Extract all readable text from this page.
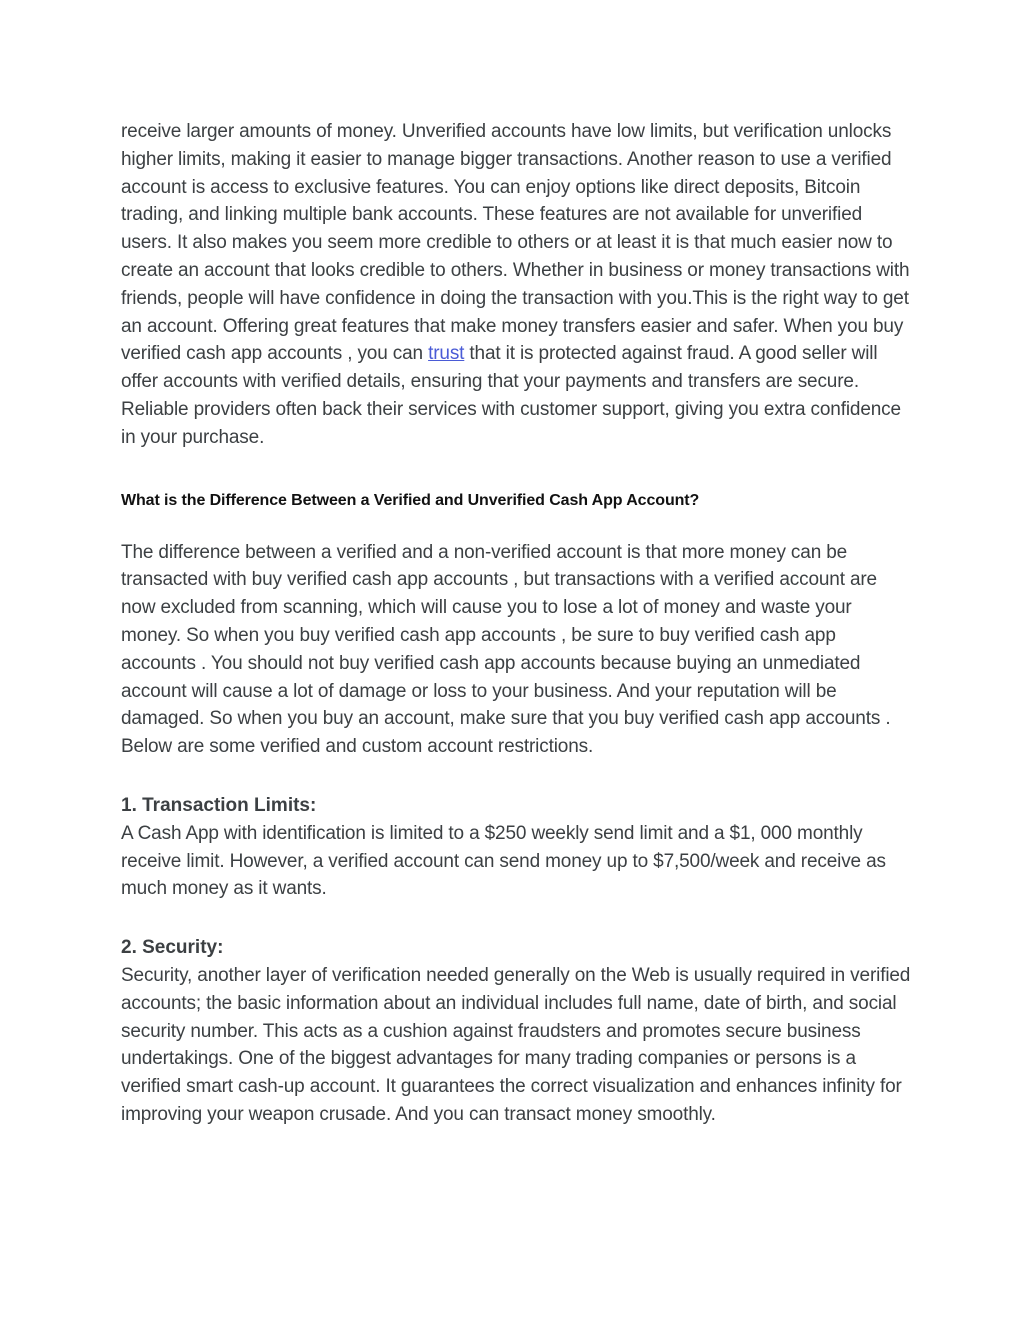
receive larger amounts of money. Unverified accounts have low limits, but verification unlocks higher limits, making it easier to manage bigger transactions. Another reason to use a verified account is access to exclusive features. You can enjoy options like direct deposits, Bitcoin trading, and linking multiple bank accounts. These features are not available for unverified users. It also makes you seem more credible to others or at least it is that much easier now to create an account that looks credible to others. Whether in business or money transactions with friends, people will have confidence in doing the transaction with you.This is the right way to get an account. Offering great features that make money transfers easier and safer. When you buy verified cash app accounts , you can trust that it is protected against fraud. A good seller will offer accounts with verified details, ensuring that your payments and transfers are secure. Reliable providers often back their services with customer support, giving you extra confidence in your purchase.

What is the Difference Between a Verified and Unverified Cash App Account?

The difference between a verified and a non-verified account is that more money can be transacted with buy verified cash app accounts , but transactions with a verified account are now excluded from scanning, which will cause you to lose a lot of money and waste your money. So when you buy verified cash app accounts , be sure to buy verified cash app accounts . You should not buy verified cash app accounts because buying an unmediated account will cause a lot of damage or loss to your business. And your reputation will be damaged. So when you buy an account, make sure that you buy verified cash app accounts . Below are some verified and custom account restrictions.

1. Transaction Limits:

A Cash App with identification is limited to a $250 weekly send limit and a $1, 000 monthly receive limit. However, a verified account can send money up to $7,500/week and receive as much money as it wants.

2. Security:

Security, another layer of verification needed generally on the Web is usually required in verified accounts; the basic information about an individual includes full name, date of birth, and social security number. This acts as a cushion against fraudsters and promotes secure business undertakings. One of the biggest advantages for many trading companies or persons is a verified smart cash-up account. It guarantees the correct visualization and enhances infinity for improving your weapon crusade. And you can transact money smoothly.
